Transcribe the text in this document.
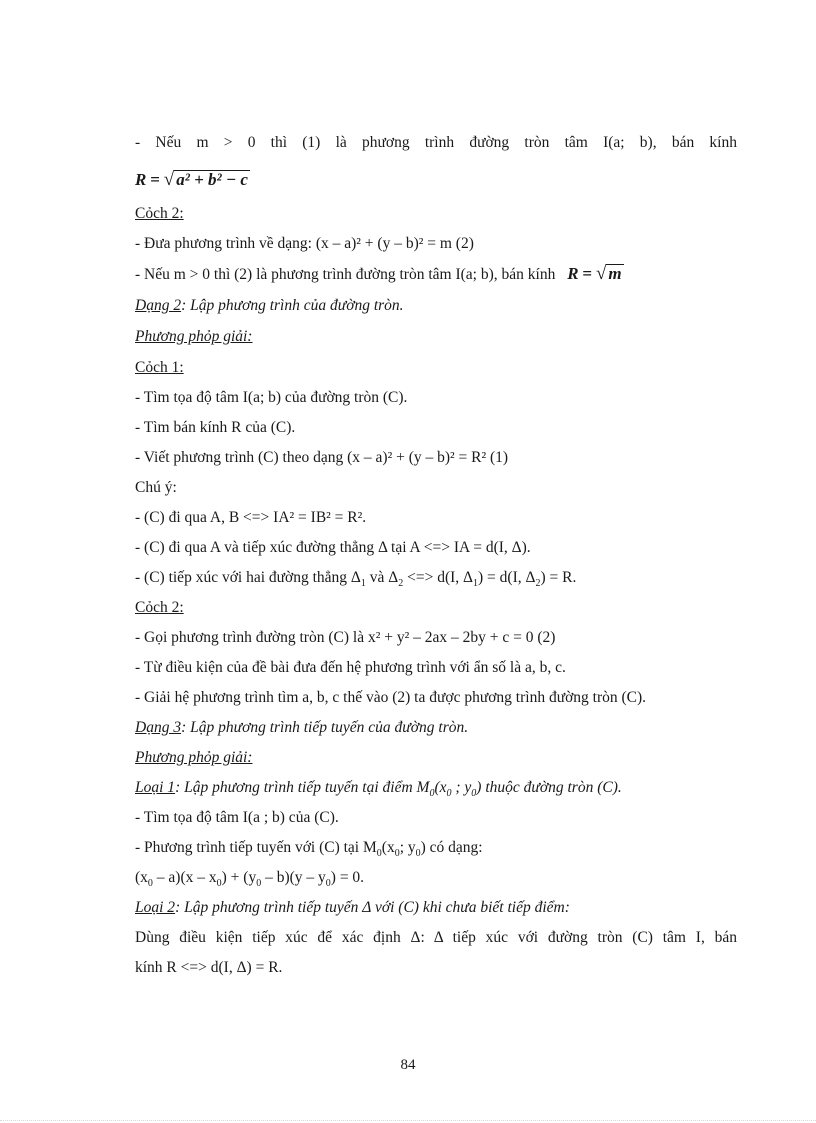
- Nếu m > 0 thì (1) là phương trình đường tròn tâm I(a; b), bán kính

R = √ a² + b² − c

Cỏch 2:

- Đưa phương trình về dạng: (x – a)² + (y – b)² = m (2)

- Nếu m > 0 thì (2) là phương trình đường tròn tâm I(a; b), bán kính R = √ m

Dạng 2: Lập phương trình của đường tròn.

Phương phỏp giải:

Cỏch 1:

- Tìm tọa độ tâm I(a; b) của đường tròn (C).

- Tìm bán kính R của (C).

- Viết phương trình (C) theo dạng (x – a)² + (y – b)² = R² (1)

Chú ý:

- (C) đi qua A, B <=> IA² = IB² = R².

- (C) đi qua A và tiếp xúc đường thẳng Δ tại A <=> IA = d(I, Δ).

- (C) tiếp xúc với hai đường thẳng $\Delta_1$ và $\Delta_2$ <=> d(I, $\Delta_1) = d(I$, $\Delta_2) = R$.

Cỏch 2:

- Gọi phương trình đường tròn (C) là x² + y² – 2ax – 2by + c = 0 (2)

- Từ điều kiện của đề bài đưa đến hệ phương trình với ẩn số là a, b, c.

- Giải hệ phương trình tìm a, b, c thế vào (2) ta được phương trình đường tròn (C).

Dạng 3: Lập phương trình tiếp tuyến của đường tròn.

Phương phỏp giải:

Loại 1: Lập phương trình tiếp tuyến tại điểm $M_0(x_0$ ; $y_0$) thuộc đường tròn (C).

- Tìm tọa độ tâm I(a ; b) của (C).

- Phương trình tiếp tuyến với (C) tại $M_0(x_0$; $y_0$) có dạng:

$(x_0 - a)(x - x_0) + (y_0 - b)(y - y_0) = 0$.

Loại 2: Lập phương trình tiếp tuyến Δ với (C) khi chưa biết tiếp điểm:

Dùng điều kiện tiếp xúc để xác định Δ: Δ tiếp xúc với đường tròn (C) tâm I, bán

kính R <=> d(I, Δ) = R.

84
